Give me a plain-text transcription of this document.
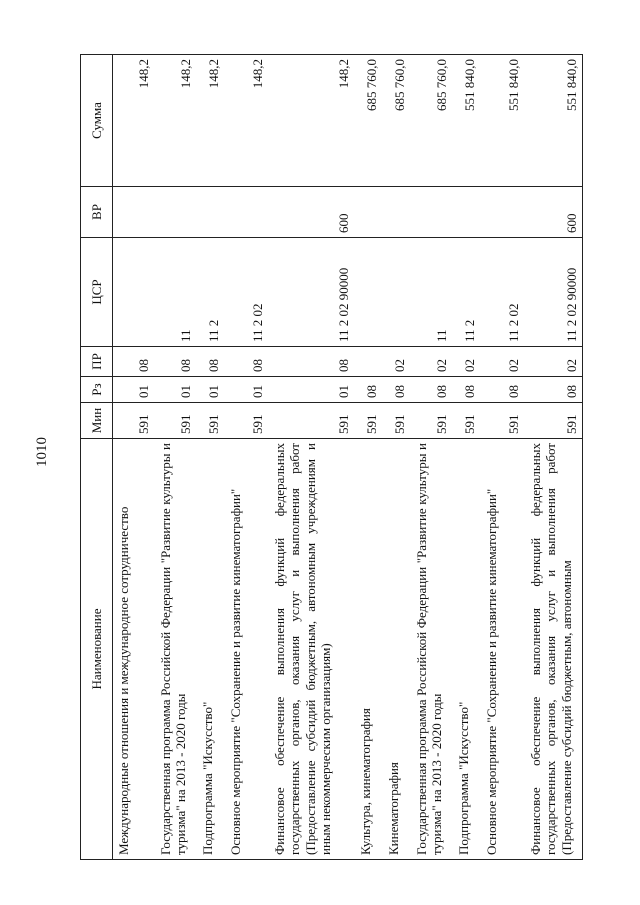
1010
Наименование	Мин	Рз	ПР	ЦСР	ВР	Сумма
Международные отношения и международное сотрудничество	591	01	08			148,2
Государственная программа Российской Федерации "Развитие культуры и туризма" на 2013 - 2020 годы	591	01	08	11		148,2
Подпрограмма "Искусство"	591	01	08	11 2		148,2
Основное мероприятие "Сохранение и развитие кинематографии"	591	01	08	11 2 02		148,2
Финансовое обеспечение выполнения функций федеральных государственных органов, оказания услуг и выполнения работ (Предоставление субсидий бюджетным, автономным учреждениям и иным некоммерческим организациям)	591	01	08	11 2 02 90000	600	148,2
Культура, кинематография	591	08				685 760,0
Кинематография	591	08	02			685 760,0
Государственная программа Российской Федерации "Развитие культуры и туризма" на 2013 - 2020 годы	591	08	02	11		685 760,0
Подпрограмма "Искусство"	591	08	02	11 2		551 840,0
Основное мероприятие "Сохранение и развитие кинематографии"	591	08	02	11 2 02		551 840,0
Финансовое обеспечение выполнения функций федеральных государственных органов, оказания услуг и выполнения работ (Предоставление субсидий бюджетным, автономным	591	08	02	11 2 02 90000	600	551 840,0
